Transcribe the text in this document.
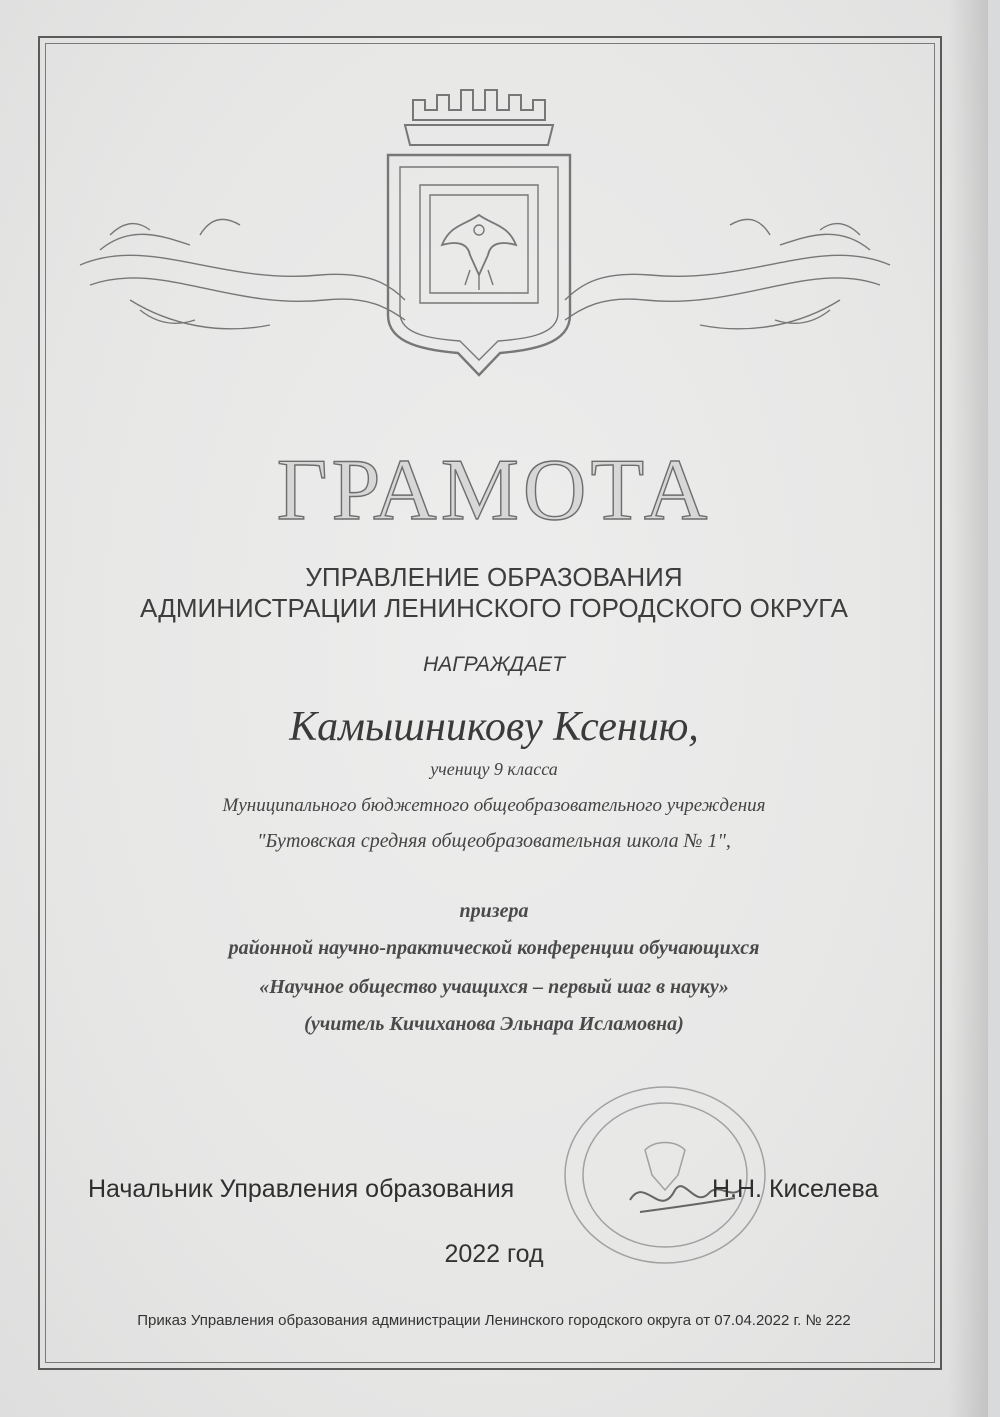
ГРАМОТА
УПРАВЛЕНИЕ ОБРАЗОВАНИЯ
АДМИНИСТРАЦИИ ЛЕНИНСКОГО ГОРОДСКОГО ОКРУГА
НАГРАЖДАЕТ
Камышникову Ксению,
ученицу 9 класса
Муниципального бюджетного общеобразовательного учреждения
"Бутовская средняя общеобразовательная школа № 1",
призера
районной научно-практической конференции обучающихся
«Научное общество учащихся – первый шаг в науку»
(учитель Кичиханова Эльнара Исламовна)
Начальник Управления образования	Н.Н. Киселева
2022 год
Приказ Управления образования администрации Ленинского городского округа от 07.04.2022 г. № 222
